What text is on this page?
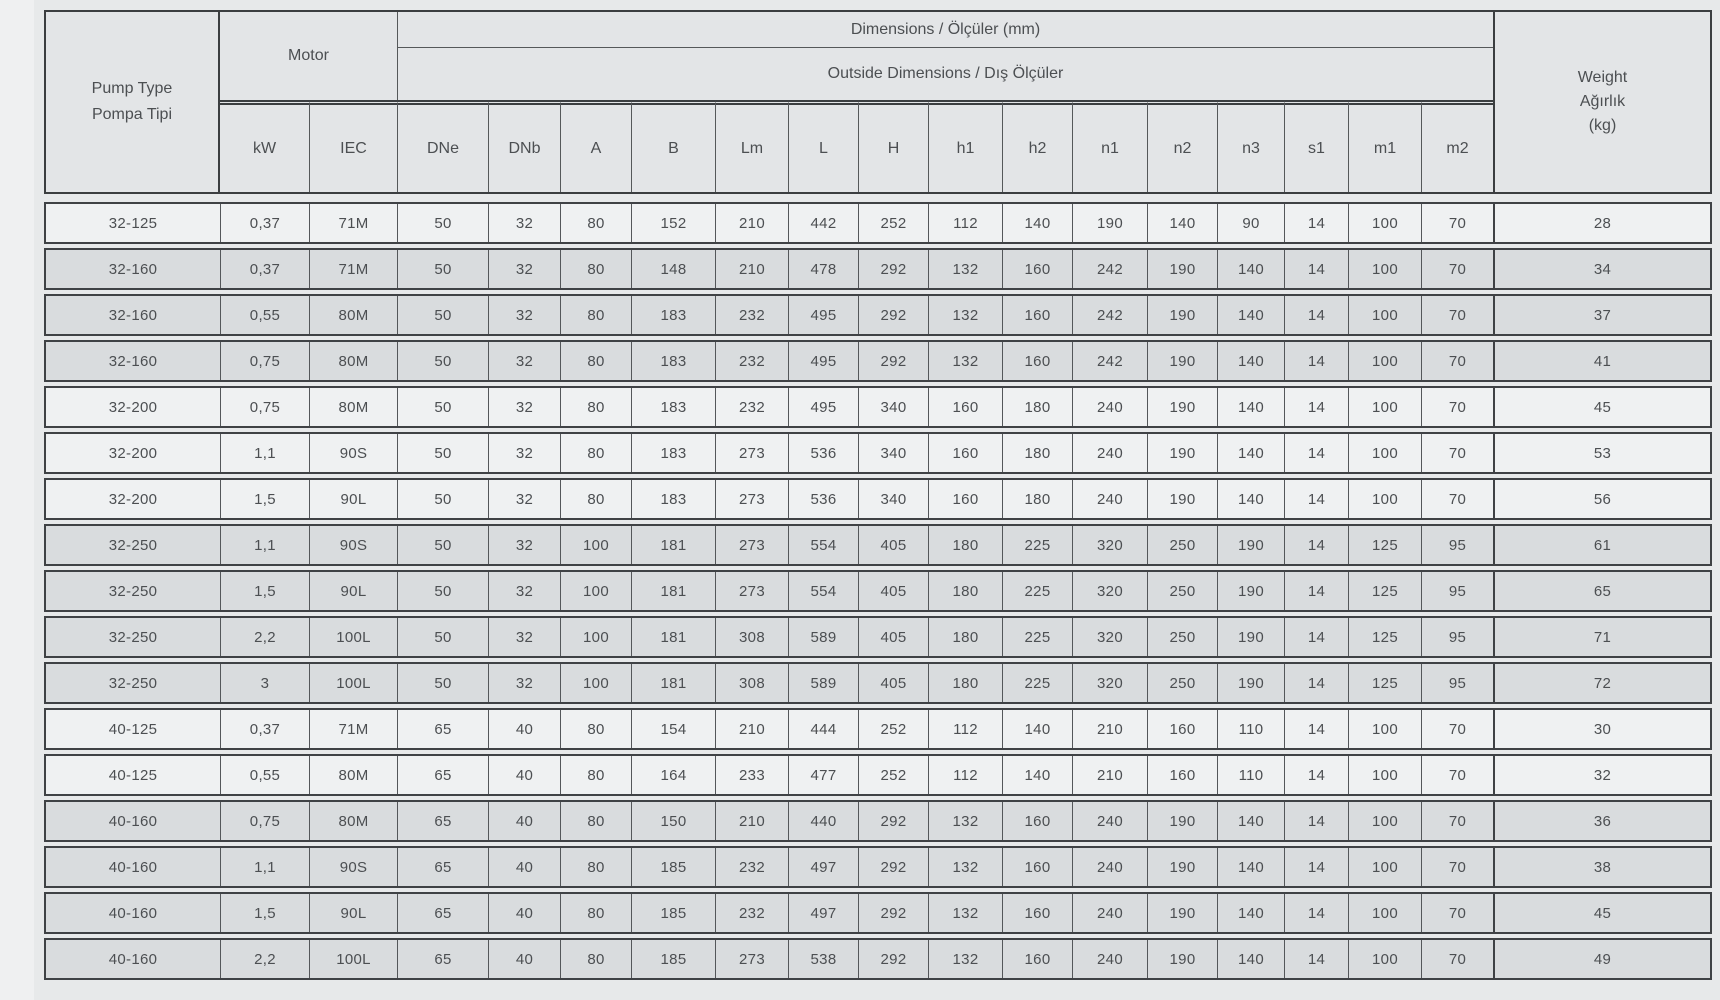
Pump Type
Pompa Tipi
Motor
Dimensions / Ölçüler (mm)
Outside Dimensions / Dış Ölçüler	Weight
Ağırlık
(kg)
kW	IEC	DNe	DNb	A	B	Lm	L	H	h1	h2	n1	n2	n3	s1	m1	m2
32-125	0,37	71M	50	32	80	152	210	442	252	112	140	190	140	90	14	100	70	28
32-160	0,37	71M	50	32	80	148	210	478	292	132	160	242	190	140	14	100	70	34
32-160	0,55	80M	50	32	80	183	232	495	292	132	160	242	190	140	14	100	70	37
32-160	0,75	80M	50	32	80	183	232	495	292	132	160	242	190	140	14	100	70	41
32-200	0,75	80M	50	32	80	183	232	495	340	160	180	240	190	140	14	100	70	45
32-200	1,1	90S	50	32	80	183	273	536	340	160	180	240	190	140	14	100	70	53
32-200	1,5	90L	50	32	80	183	273	536	340	160	180	240	190	140	14	100	70	56
32-250	1,1	90S	50	32	100	181	273	554	405	180	225	320	250	190	14	125	95	61
32-250	1,5	90L	50	32	100	181	273	554	405	180	225	320	250	190	14	125	95	65
32-250	2,2	100L	50	32	100	181	308	589	405	180	225	320	250	190	14	125	95	71
32-250	3	100L	50	32	100	181	308	589	405	180	225	320	250	190	14	125	95	72
40-125	0,37	71M	65	40	80	154	210	444	252	112	140	210	160	110	14	100	70	30
40-125	0,55	80M	65	40	80	164	233	477	252	112	140	210	160	110	14	100	70	32
40-160	0,75	80M	65	40	80	150	210	440	292	132	160	240	190	140	14	100	70	36
40-160	1,1	90S	65	40	80	185	232	497	292	132	160	240	190	140	14	100	70	38
40-160	1,5	90L	65	40	80	185	232	497	292	132	160	240	190	140	14	100	70	45
40-160	2,2	100L	65	40	80	185	273	538	292	132	160	240	190	140	14	100	70	49
